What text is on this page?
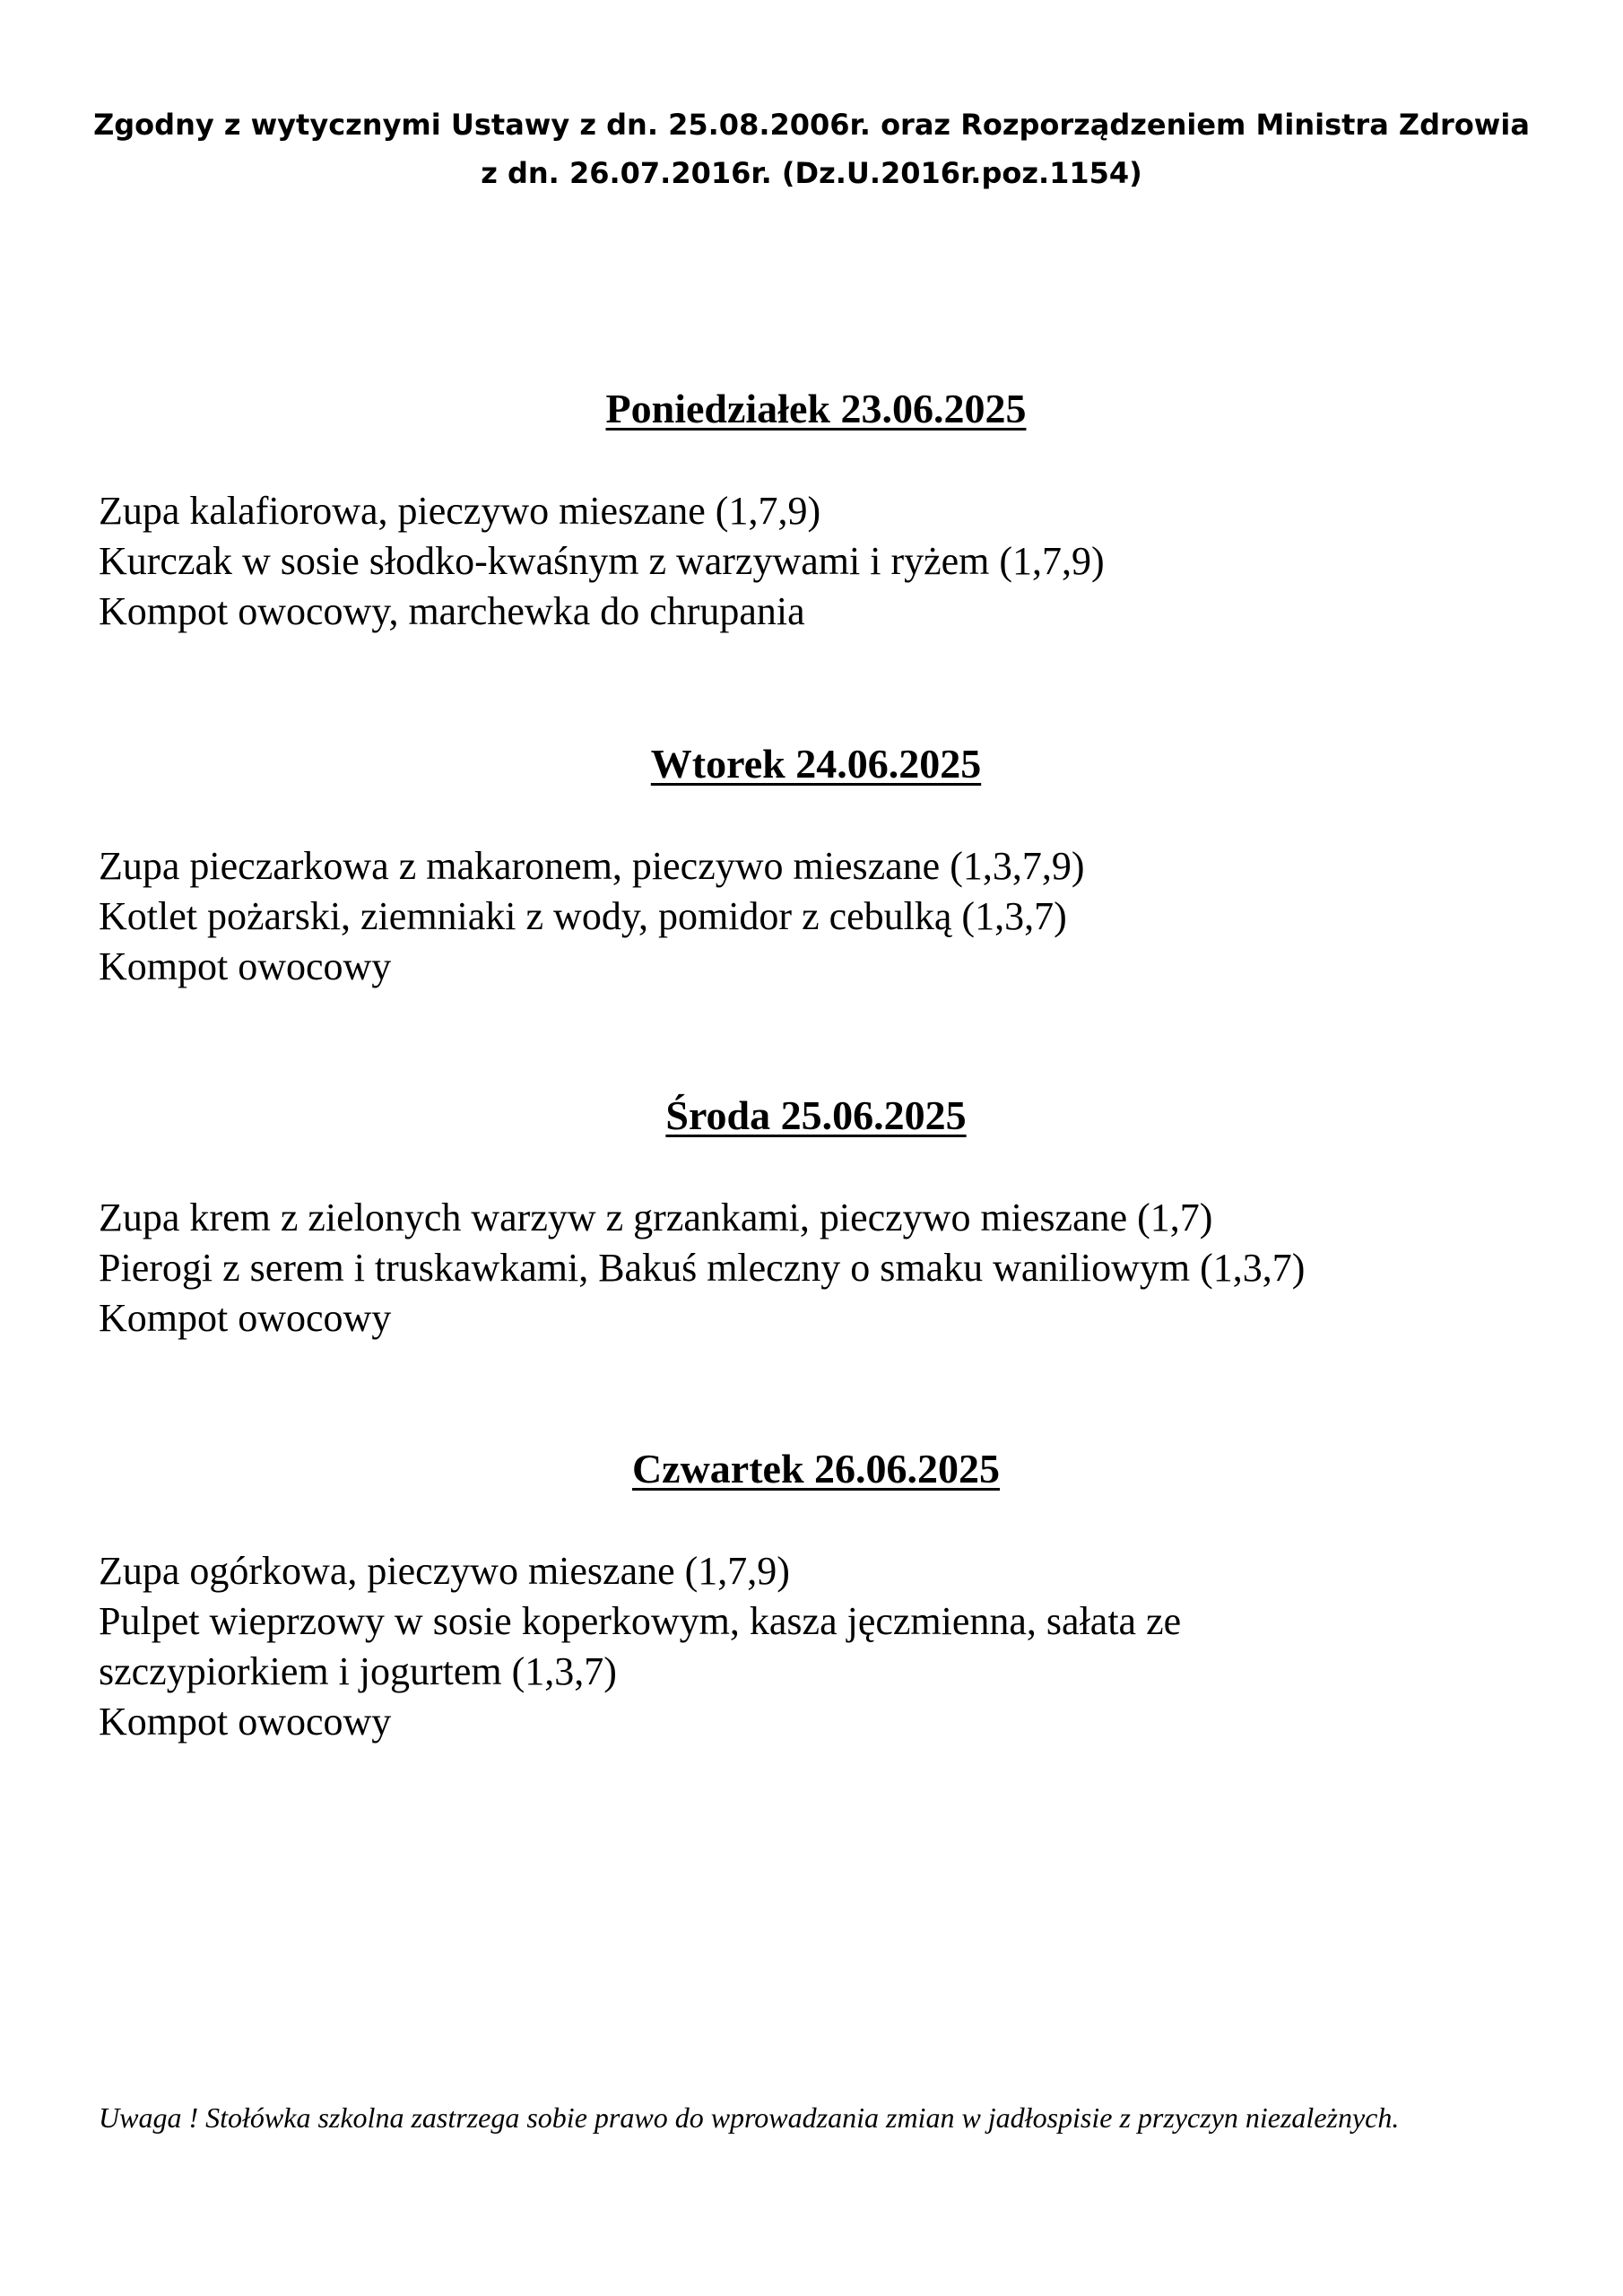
Zgodny z wytycznymi Ustawy z dn. 25.08.2006r. oraz Rozporządzeniem Ministra Zdrowia
z dn. 26.07.2016r. (Dz.U.2016r.poz.1154)
Poniedziałek 23.06.2025
Zupa kalafiorowa, pieczywo mieszane (1,7,9)
Kurczak w sosie słodko-kwaśnym z warzywami i ryżem (1,7,9)
Kompot owocowy, marchewka do chrupania
Wtorek 24.06.2025
Zupa pieczarkowa z makaronem, pieczywo mieszane (1,3,7,9)
Kotlet pożarski, ziemniaki z wody, pomidor z cebulką (1,3,7)
Kompot owocowy
Środa 25.06.2025
Zupa krem z zielonych warzyw z grzankami, pieczywo mieszane (1,7)
Pierogi z serem i truskawkami, Bakuś mleczny o smaku waniliowym (1,3,7)
Kompot owocowy
Czwartek 26.06.2025
Zupa ogórkowa, pieczywo mieszane (1,7,9)
Pulpet wieprzowy w sosie koperkowym, kasza jęczmienna, sałata ze szczypiorkiem i jogurtem (1,3,7)
Kompot owocowy
Uwaga ! Stołówka szkolna zastrzega sobie prawo do wprowadzania zmian w jadłospisie z przyczyn niezależnych.
